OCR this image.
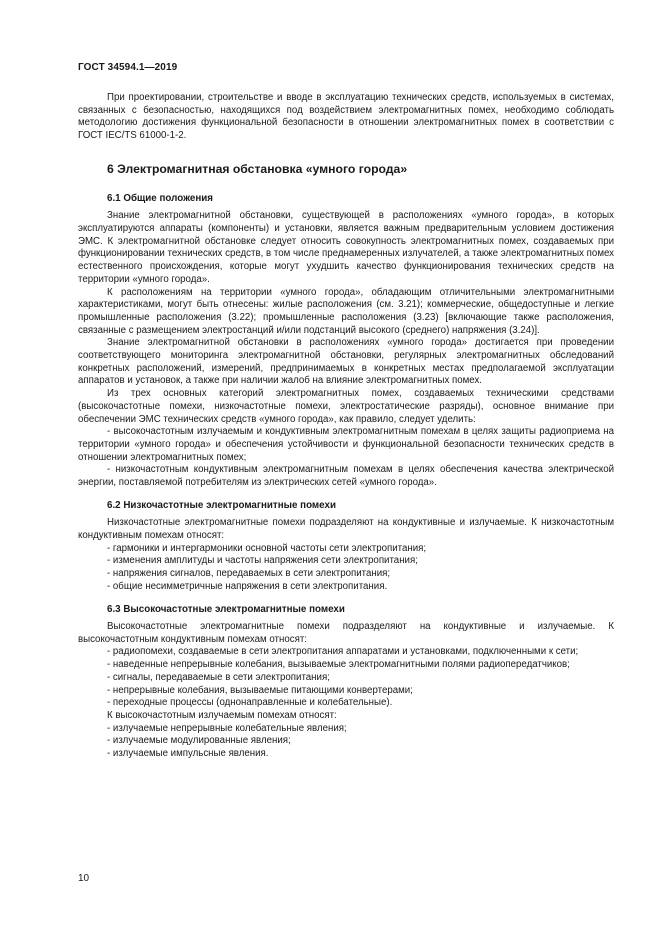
ГОСТ 34594.1—2019

При проектировании, строительстве и вводе в эксплуатацию технических средств, используемых в системах, связанных с безопасностью, находящихся под воздействием электромагнитных помех, необходимо соблюдать методологию достижения функциональной безопасности в отношении электромагнитных помех в соответствии с ГОСТ IEC/TS 61000-1-2.

6 Электромагнитная обстановка «умного города»
6.1 Общие положения

Знание электромагнитной обстановки, существующей в расположениях «умного города», в которых эксплуатируются аппараты (компоненты) и установки, является важным предварительным условием достижения ЭМС. К электромагнитной обстановке следует относить совокупность электромагнитных помех, создаваемых при функционировании технических средств, в том числе преднамеренных излучателей, а также электромагнитных помех естественного происхождения, которые могут ухудшить качество функционирования технических средств на территории «умного города».

К расположениям на территории «умного города», обладающим отличительными электромагнитными характеристиками, могут быть отнесены: жилые расположения (см. 3.21); коммерческие, общедоступные и легкие промышленные расположения (3.22); промышленные расположения (3.23) [включающие также расположения, связанные с размещением электростанций и/или подстанций высокого (среднего) напряжения (3.24)].

Знание электромагнитной обстановки в расположениях «умного города» достигается при проведении соответствующего мониторинга электромагнитной обстановки, регулярных электромагнитных обследований конкретных расположений, измерений, предпринимаемых в конкретных местах предполагаемой эксплуатации аппаратов и установок, а также при наличии жалоб на влияние электромагнитных помех.

Из трех основных категорий электромагнитных помех, создаваемых техническими средствами (высокочастотные помехи, низкочастотные помехи, электростатические разряды), основное внимание при обеспечении ЭМС технических средств «умного города», как правило, следует уделить:

- высокочастотным излучаемым и кондуктивным электромагнитным помехам в целях защиты радиоприема на территории «умного города» и обеспечения устойчивости и функциональной безопасности технических средств в отношении электромагнитных помех;

- низкочастотным кондуктивным электромагнитным помехам в целях обеспечения качества электрической энергии, поставляемой потребителям из электрических сетей «умного города».

6.2 Низкочастотные электромагнитные помехи

Низкочастотные электромагнитные помехи подразделяют на кондуктивные и излучаемые. К низкочастотным кондуктивным помехам относят:

- гармоники и интергармоники основной частоты сети электропитания;

- изменения амплитуды и частоты напряжения сети электропитания;

- напряжения сигналов, передаваемых в сети электропитания;

- общие несимметричные напряжения в сети электропитания.

6.3 Высокочастотные электромагнитные помехи

Высокочастотные электромагнитные помехи подразделяют на кондуктивные и излучаемые. К высокочастотным кондуктивным помехам относят:

- радиопомехи, создаваемые в сети электропитания аппаратами и установками, подключенными к сети;

- наведенные непрерывные колебания, вызываемые электромагнитными полями радиопередатчиков;

- сигналы, передаваемые в сети электропитания;

- непрерывные колебания, вызываемые питающими конвертерами;

- переходные процессы (однонаправленные и колебательные).

К высокочастотным излучаемым помехам относят:

- излучаемые непрерывные колебательные явления;

- излучаемые модулированные явления;

- излучаемые импульсные явления.

10
